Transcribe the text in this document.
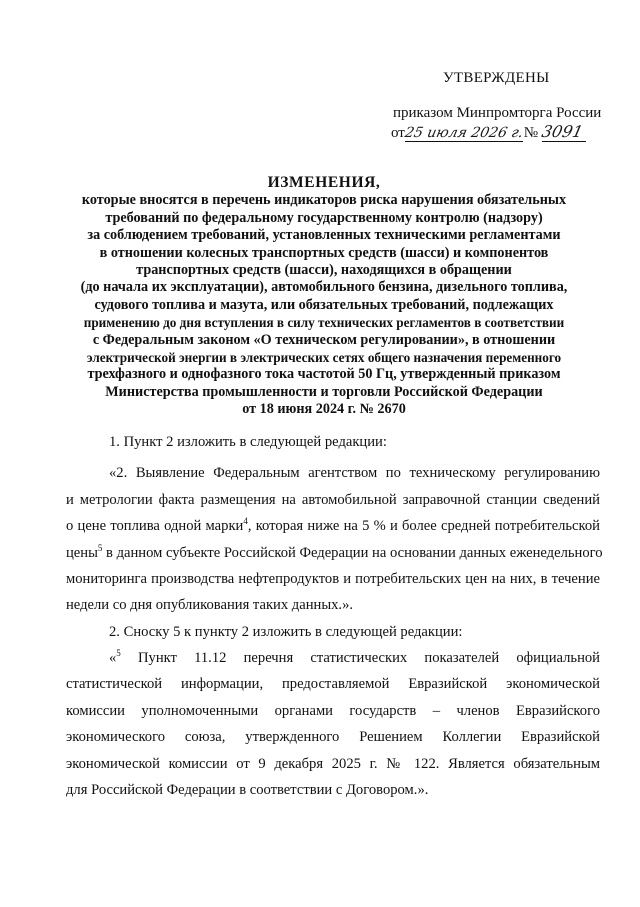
УТВЕРЖДЕНЫ
приказом Минпромторга России
от25 июля 2026 г.№ 3091
ИЗМЕНЕНИЯ,
которые вносятся в перечень индикаторов риска нарушения обязательных
требований по федеральному государственному контролю (надзору)
за соблюдением требований, установленных техническими регламентами
в отношении колесных транспортных средств (шасси) и компонентов
транспортных средств (шасси), находящихся в обращении
(до начала их эксплуатации), автомобильного бензина, дизельного топлива,
судового топлива и мазута, или обязательных требований, подлежащих
применению до дня вступления в силу технических регламентов в соответствии
с Федеральным законом «О техническом регулировании», в отношении
электрической энергии в электрических сетях общего назначения переменного
трехфазного и однофазного тока частотой 50 Гц, утвержденный приказом
Министерства промышленности и торговли Российской Федерации
от 18 июня 2024 г. № 2670
1. Пункт 2 изложить в следующей редакции:
«2. Выявление Федеральным агентством по техническому регулированию
и метрологии факта размещения на автомобильной заправочной станции сведений
о цене топлива одной марки$^4$, которая ниже на 5 % и более средней потребительской
цены$^5$ в данном субъекте Российской Федерации на основании данных еженедельного
мониторинга производства нефтепродуктов и потребительских цен на них, в течение
недели со дня опубликования таких данных.».
2. Сноску 5 к пункту 2 изложить в следующей редакции:
«$^5$ Пункт 11.12 перечня статистических показателей официальной
статистической информации, предоставляемой Евразийской экономической
комиссии уполномоченными органами государств – членов Евразийского
экономического союза, утвержденного Решением Коллегии Евразийской
экономической комиссии от 9 декабря 2025 г. № 122. Является обязательным
для Российской Федерации в соответствии с Договором.».
